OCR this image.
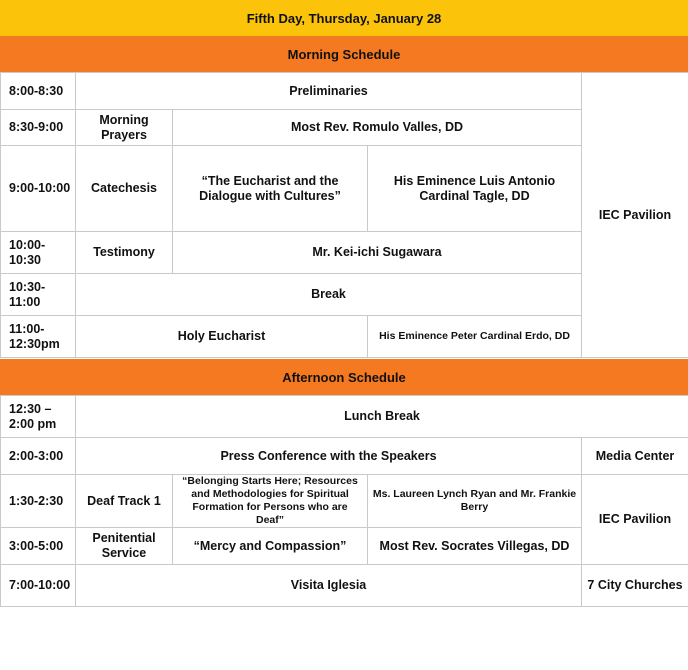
Fifth Day, Thursday, January 28
Morning Schedule
8:00-8:30	Preliminaries			IEC Pavilion
8:30-9:00	Morning Prayers	Most Rev. Romulo Valles, DD		
9:00-10:00	Catechesis	“The Eucharist and the Dialogue with Cultures”	His Eminence Luis Antonio Cardinal Tagle, DD	
10:00-10:30	Testimony	Mr. Kei-ichi Sugawara		
10:30-11:00	Break			
11:00-12:30pm	Holy Eucharist		His Eminence Peter Cardinal Erdo, DD	
Afternoon Schedule
12:30 – 2:00 pm	Lunch Break			
2:00-3:00	Press Conference with the Speakers			Media Center
1:30-2:30	Deaf Track 1	“Belonging Starts Here; Resources and Methodologies for Spiritual Formation for Persons who are Deaf”	Ms. Laureen Lynch Ryan and Mr. Frankie Berry	IEC Pavilion
3:00-5:00	Penitential Service	“Mercy and Compassion”	Most Rev. Socrates Villegas, DD	
7:00-10:00	Visita Iglesia			7 City Churches
